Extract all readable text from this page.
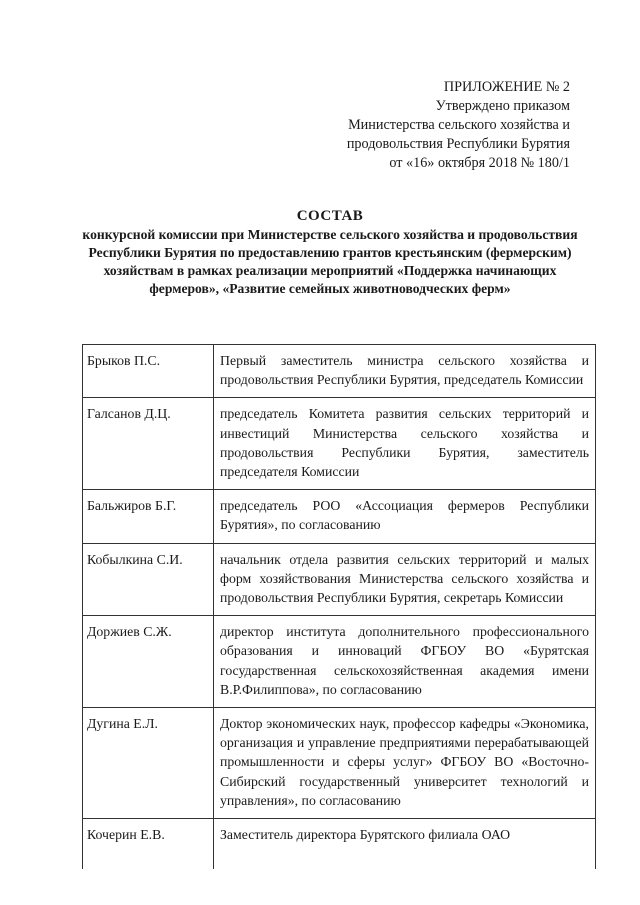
ПРИЛОЖЕНИЕ № 2
Утверждено приказом
Министерства сельского хозяйства и
продовольствия Республики Бурятия
от «16» октября 2018 № 180/1
СОСТАВ
конкурсной комиссии при Министерстве сельского хозяйства и продовольствия Республики Бурятия по предоставлению грантов крестьянским (фермерским) хозяйствам в рамках реализации мероприятий «Поддержка начинающих фермеров», «Развитие семейных животноводческих ферм»
Брыков П.С.	Первый заместитель министра сельского хозяйства и продовольствия Республики Бурятия, председатель Комиссии
Галсанов Д.Ц.	председатель Комитета развития сельских территорий и инвестиций Министерства сельского хозяйства и продовольствия Республики Бурятия, заместитель председателя Комиссии
Бальжиров Б.Г.	председатель РОО «Ассоциация фермеров Республики Бурятия», по согласованию
Кобылкина С.И.	начальник отдела развития сельских территорий и малых форм хозяйствования Министерства сельского хозяйства и продовольствия Республики Бурятия, секретарь Комиссии
Доржиев С.Ж.	директор института дополнительного профессионального образования и инноваций ФГБОУ ВО «Бурятская государственная сельскохозяйственная академия имени В.Р.Филиппова», по согласованию
Дугина Е.Л.	Доктор экономических наук, профессор кафедры «Экономика, организация и управление предприятиями перерабатывающей промышленности и сферы услуг» ФГБОУ ВО «Восточно-Сибирский государственный университет технологий и управления», по согласованию
Кочерин Е.В.	Заместитель директора Бурятского филиала ОАО
